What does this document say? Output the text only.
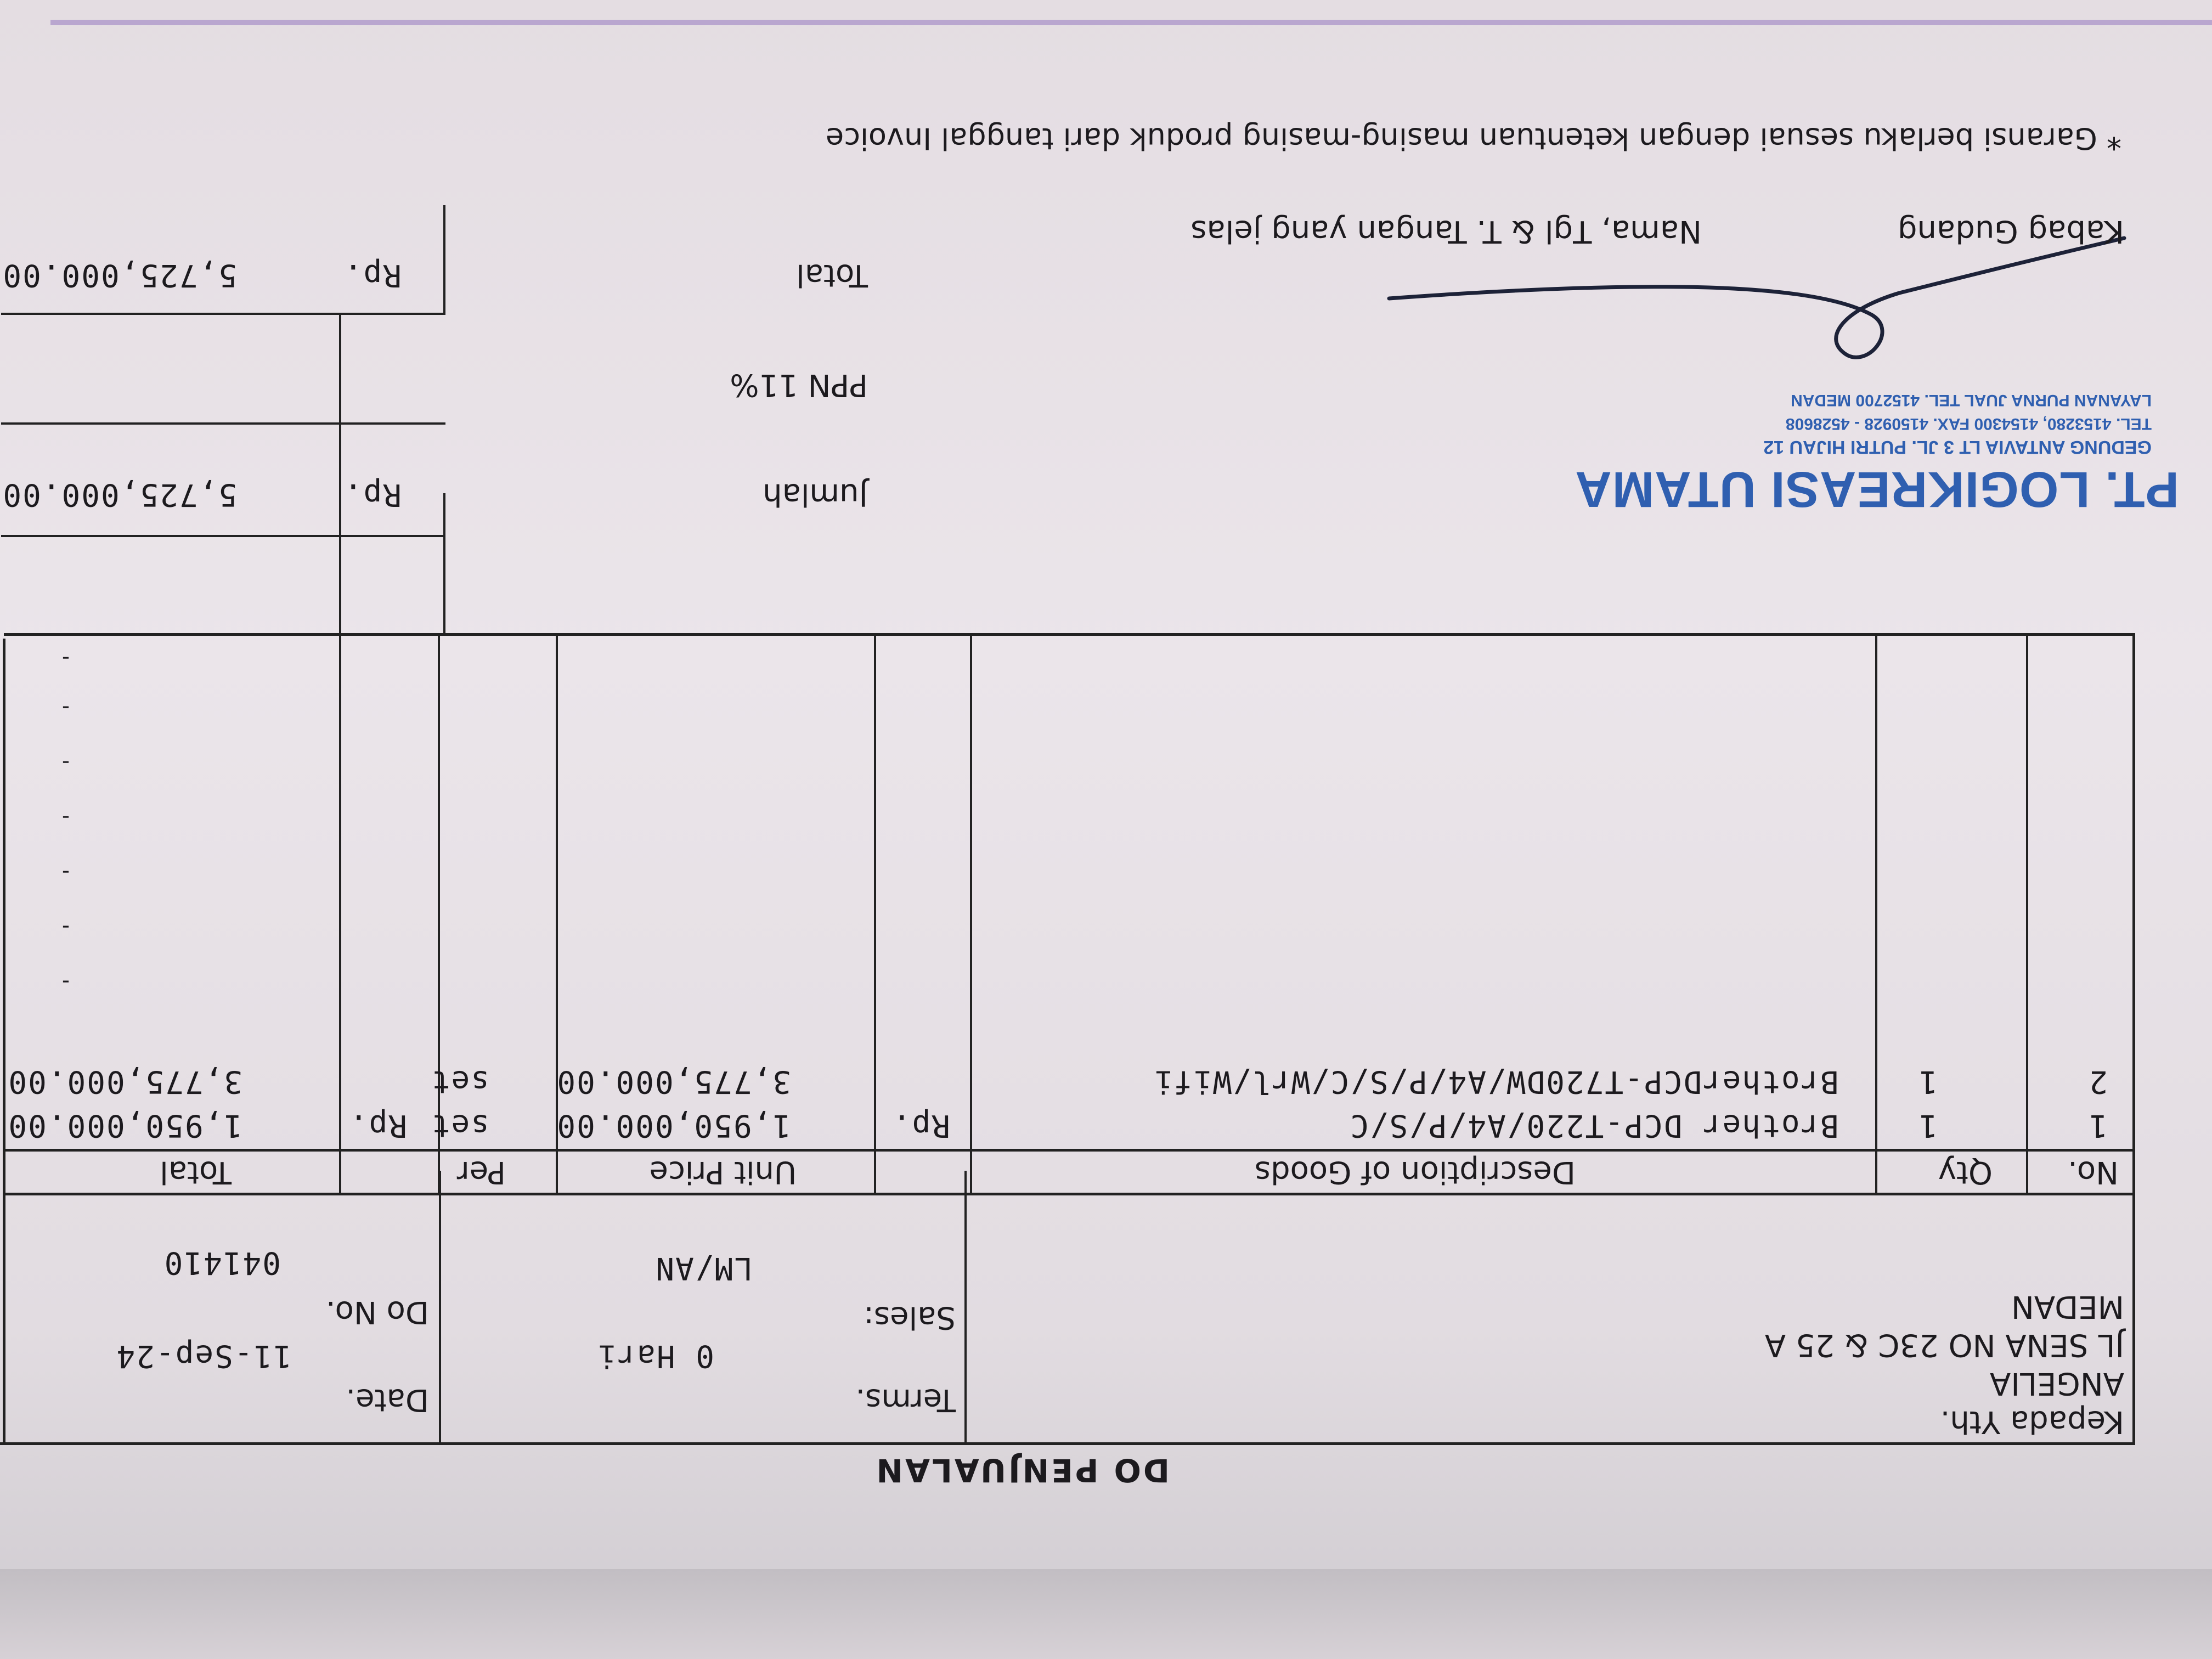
DO PENJUALAN
Kepada Yth.
ANGELIA
JL SENA NO 23C & 25 A
MEDAN
Terms.
0 Hari
Sales:
LM/AN
Date.
11-Sep-24
Do No.
041410
No.
Qty
Description of Goods
Unit Price
Per
Total
1
1
Brother DCP-T220/A4/P/S/C
Rp.
1,950,000.00
set
Rp.
1,950,000.00
2
1
BrotherDCP-T720DW/A4/P/S/C/Wrl/Wifi
3,775,000.00
set
3,775,000.00
-
-
-
-
-
-
-
Jumlah
Rp.
5,725,000.00
PPN 11%
Total
Rp.
5,725,000.00
PT. LOGIKREASI UTAMA
GEDUNG ANTAVIA LT 3 JL. PUTRI HIJAU 12
TEL. 4153280, 4154300 FAX. 4150928 - 4528608
LAYANAN PURNA JUAL TEL. 4152700 MEDAN
Kabag Gudang
Nama, Tgl & T. Tangan yang jelas
* Garansi berlaku sesuai dengan ketentuan masing-masing produk dari tanggal Invoice
